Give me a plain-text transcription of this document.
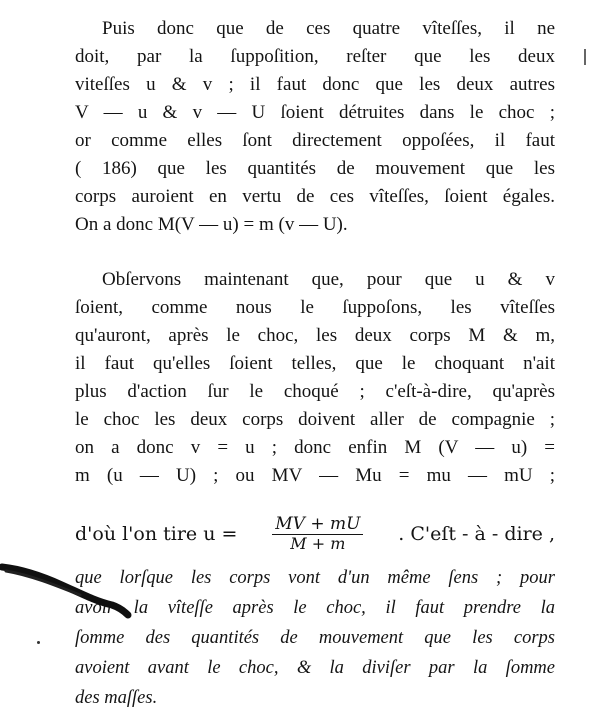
Puis donc que de ces quatre vîteſſes, il ne
doit, par la ſuppoſition, reſter que les deux
viteſſes u & v ; il faut donc que les deux autres
V — u & v — U ſoient détruites dans le choc ;
or comme elles ſont directement oppoſées, il faut
( 186) que les quantités de mouvement que les
corps auroient en vertu de ces vîteſſes, ſoient égales.
On a donc M(V — u) = m (v — U).
Obſervons maintenant que, pour que u & v
ſoient, comme nous le ſuppoſons, les vîteſſes
qu'auront, après le choc, les deux corps M & m,
il faut qu'elles ſoient telles, que le choquant n'ait
plus d'action ſur le choqué ; c'eſt-à-dire, qu'après
le choc les deux corps doivent aller de compagnie ;
on a donc v = u ; donc enfin M (V — u) =
m (u — U) ; ou MV — Mu = mu — mU ;
d'où l'on tire $u = \frac{MV + mU}{M + m}$ . C'eſt - à - dire ,
que lorſque les corps vont d'un même ſens ; pour
avoir la vîteſſe après le choc, il faut prendre la
ſomme des quantités de mouvement que les corps
avoient avant le choc, & la diviſer par la ſomme
des maſſes.
